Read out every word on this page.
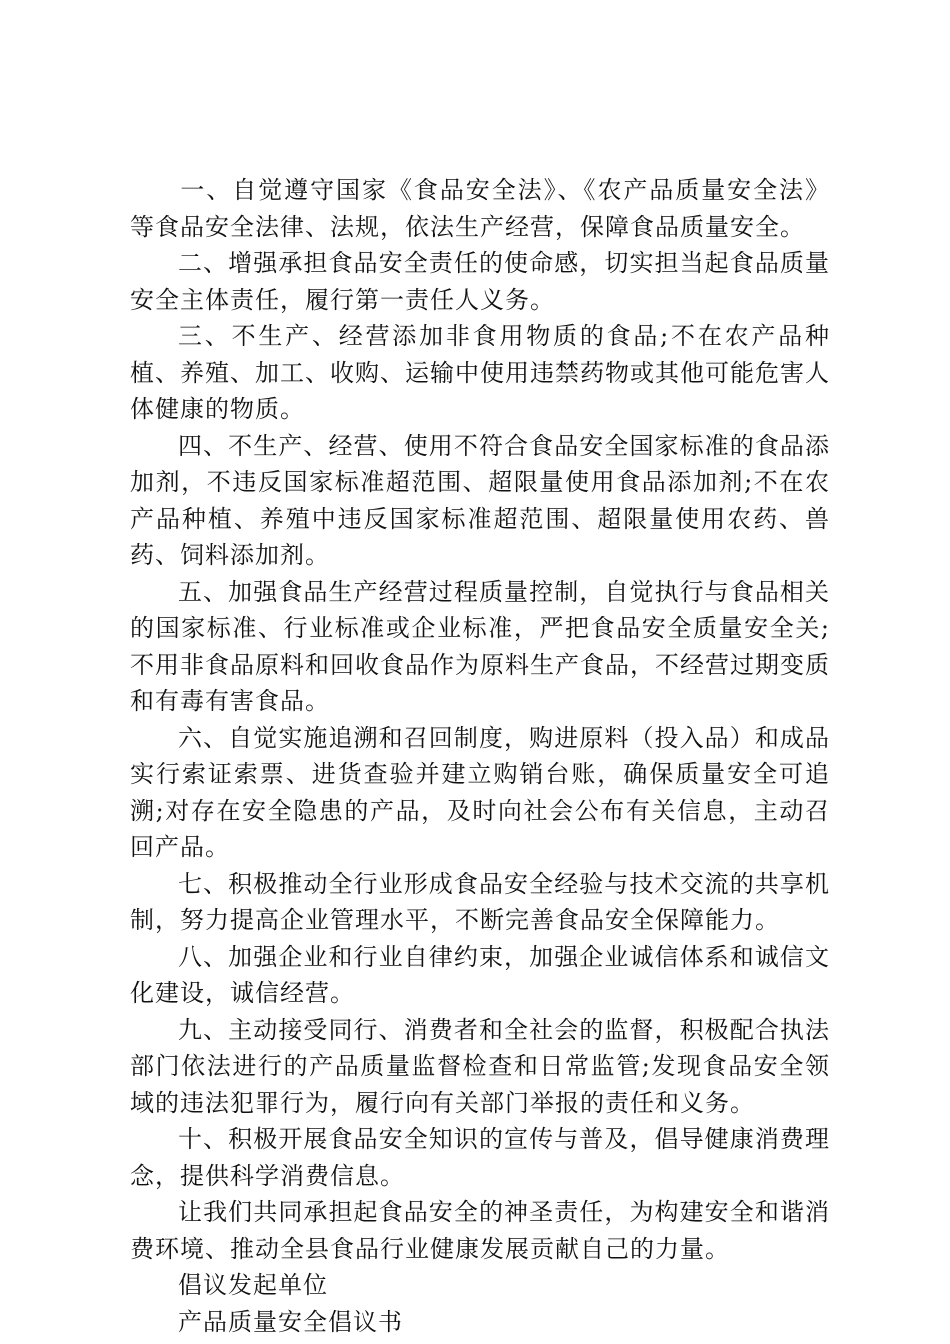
一、自觉遵守国家《食品安全法》、《农产品质量安全法》等食品安全法律、法规，依法生产经营，保障食品质量安全。

二、增强承担食品安全责任的使命感，切实担当起食品质量安全主体责任，履行第一责任人义务。

三、不生产、经营添加非食用物质的食品;不在农产品种植、养殖、加工、收购、运输中使用违禁药物或其他可能危害人体健康的物质。

四、不生产、经营、使用不符合食品安全国家标准的食品添加剂，不违反国家标准超范围、超限量使用食品添加剂;不在农产品种植、养殖中违反国家标准超范围、超限量使用农药、兽药、饲料添加剂。

五、加强食品生产经营过程质量控制，自觉执行与食品相关的国家标准、行业标准或企业标准，严把食品安全质量安全关;不用非食品原料和回收食品作为原料生产食品，不经营过期变质和有毒有害食品。

六、自觉实施追溯和召回制度，购进原料（投入品）和成品实行索证索票、进货查验并建立购销台账，确保质量安全可追溯;对存在安全隐患的产品，及时向社会公布有关信息，主动召回产品。

七、积极推动全行业形成食品安全经验与技术交流的共享机制，努力提高企业管理水平，不断完善食品安全保障能力。

八、加强企业和行业自律约束，加强企业诚信体系和诚信文化建设，诚信经营。

九、主动接受同行、消费者和全社会的监督，积极配合执法部门依法进行的产品质量监督检查和日常监管;发现食品安全领域的违法犯罪行为，履行向有关部门举报的责任和义务。

十、积极开展食品安全知识的宣传与普及，倡导健康消费理念，提供科学消费信息。

让我们共同承担起食品安全的神圣责任，为构建安全和谐消费环境、推动全县食品行业健康发展贡献自己的力量。

倡议发起单位

产品质量安全倡议书
